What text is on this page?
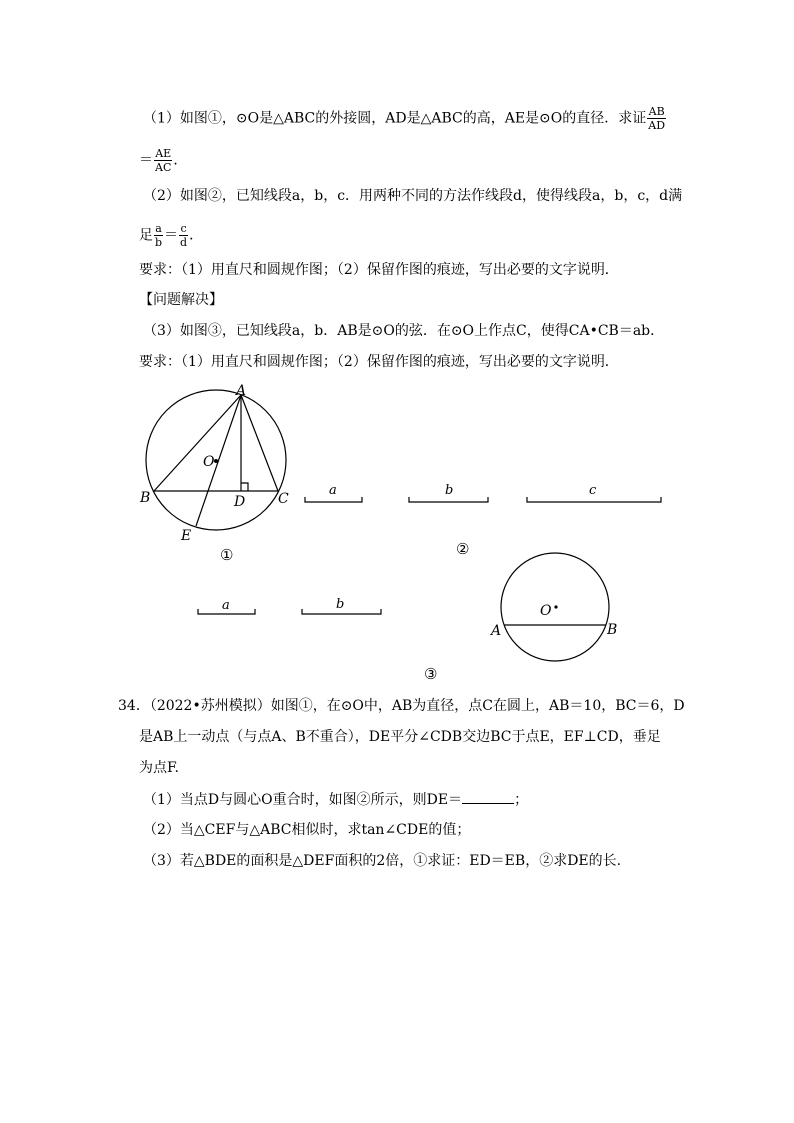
（1）如图①，⊙O是△ABC的外接圆，AD是△ABC的高，AE是⊙O的直径．求证 $\frac{AB}{AD}$
＝ $\frac{AE}{AC}$ ．
（2）如图②，已知线段a，b，c．用两种不同的方法作线段d，使得线段a，b，c，d满
足 $\frac{a}{b} = \frac{c}{d}$ ．
要求：（1）用直尺和圆规作图；（2）保留作图的痕迹，写出必要的文字说明．
【问题解决】
（3）如图③，已知线段a，b．AB是⊙O的弦．在⊙O上作点C，使得CA•CB＝ab．
要求：（1）用直尺和圆规作图；（2）保留作图的痕迹，写出必要的文字说明．
A
B	C
D
E
O
①
a	b	c
②
a	b	O
A	B
③
34．（2022•苏州模拟）如图①，在⊙O中，AB为直径，点C在圆上，AB＝10，BC＝6，D
是AB上一动点（与点A、B不重合），DE平分∠CDB交边BC于点E，EF⊥CD，垂足
为点F.
（1）当点D与圆心O重合时，如图②所示，则DE＝	；
（2）当△CEF与△ABC相似时，求tan∠CDE的值；
（3）若△BDE的面积是△DEF面积的2倍，①求证：ED＝EB，②求DE的长.
